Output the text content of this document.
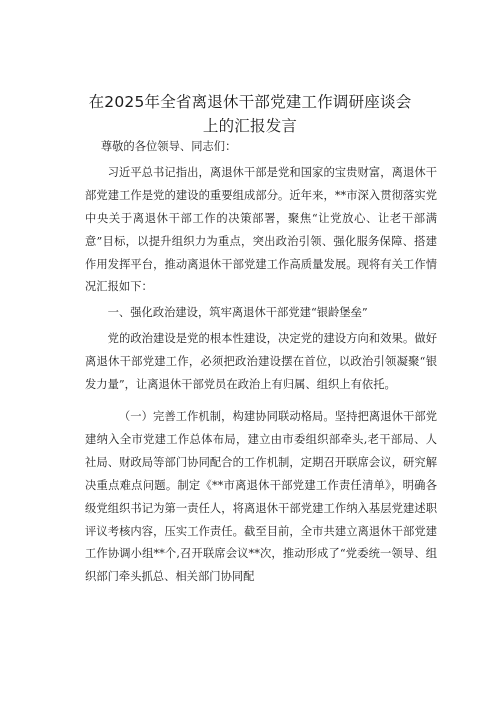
在2025年全省离退休干部党建工作调研座谈会
上的汇报发言

尊敬的各位领导、同志们：

习近平总书记指出，离退休干部是党和国家的宝贵财富，离退休干部党建工作是党的建设的重要组成部分。近年来，**市深入贯彻落实党中央关于离退休干部工作的决策部署，聚焦“让党放心、让老干部满意”目标，以提升组织力为重点，突出政治引领、强化服务保障、搭建作用发挥平台，推动离退休干部党建工作高质量发展。现将有关工作情况汇报如下：

一、强化政治建设，筑牢离退休干部党建“银龄堡垒”

党的政治建设是党的根本性建设，决定党的建设方向和效果。做好离退休干部党建工作，必须把政治建设摆在首位，以政治引领凝聚“银发力量”，让离退休干部党员在政治上有归属、组织上有依托。

（一）完善工作机制，构建协同联动格局。坚持把离退休干部党建纳入全市党建工作总体布局，建立由市委组织部牵头,老干部局、人社局、财政局等部门协同配合的工作机制，定期召开联席会议，研究解决重点难点问题。制定《**市离退休干部党建工作责任清单》，明确各级党组织书记为第一责任人，将离退休干部党建工作纳入基层党建述职评议考核内容，压实工作责任。截至目前，全市共建立离退休干部党建工作协调小组**个,召开联席会议**次，推动形成了“党委统一领导、组织部门牵头抓总、相关部门协同配
